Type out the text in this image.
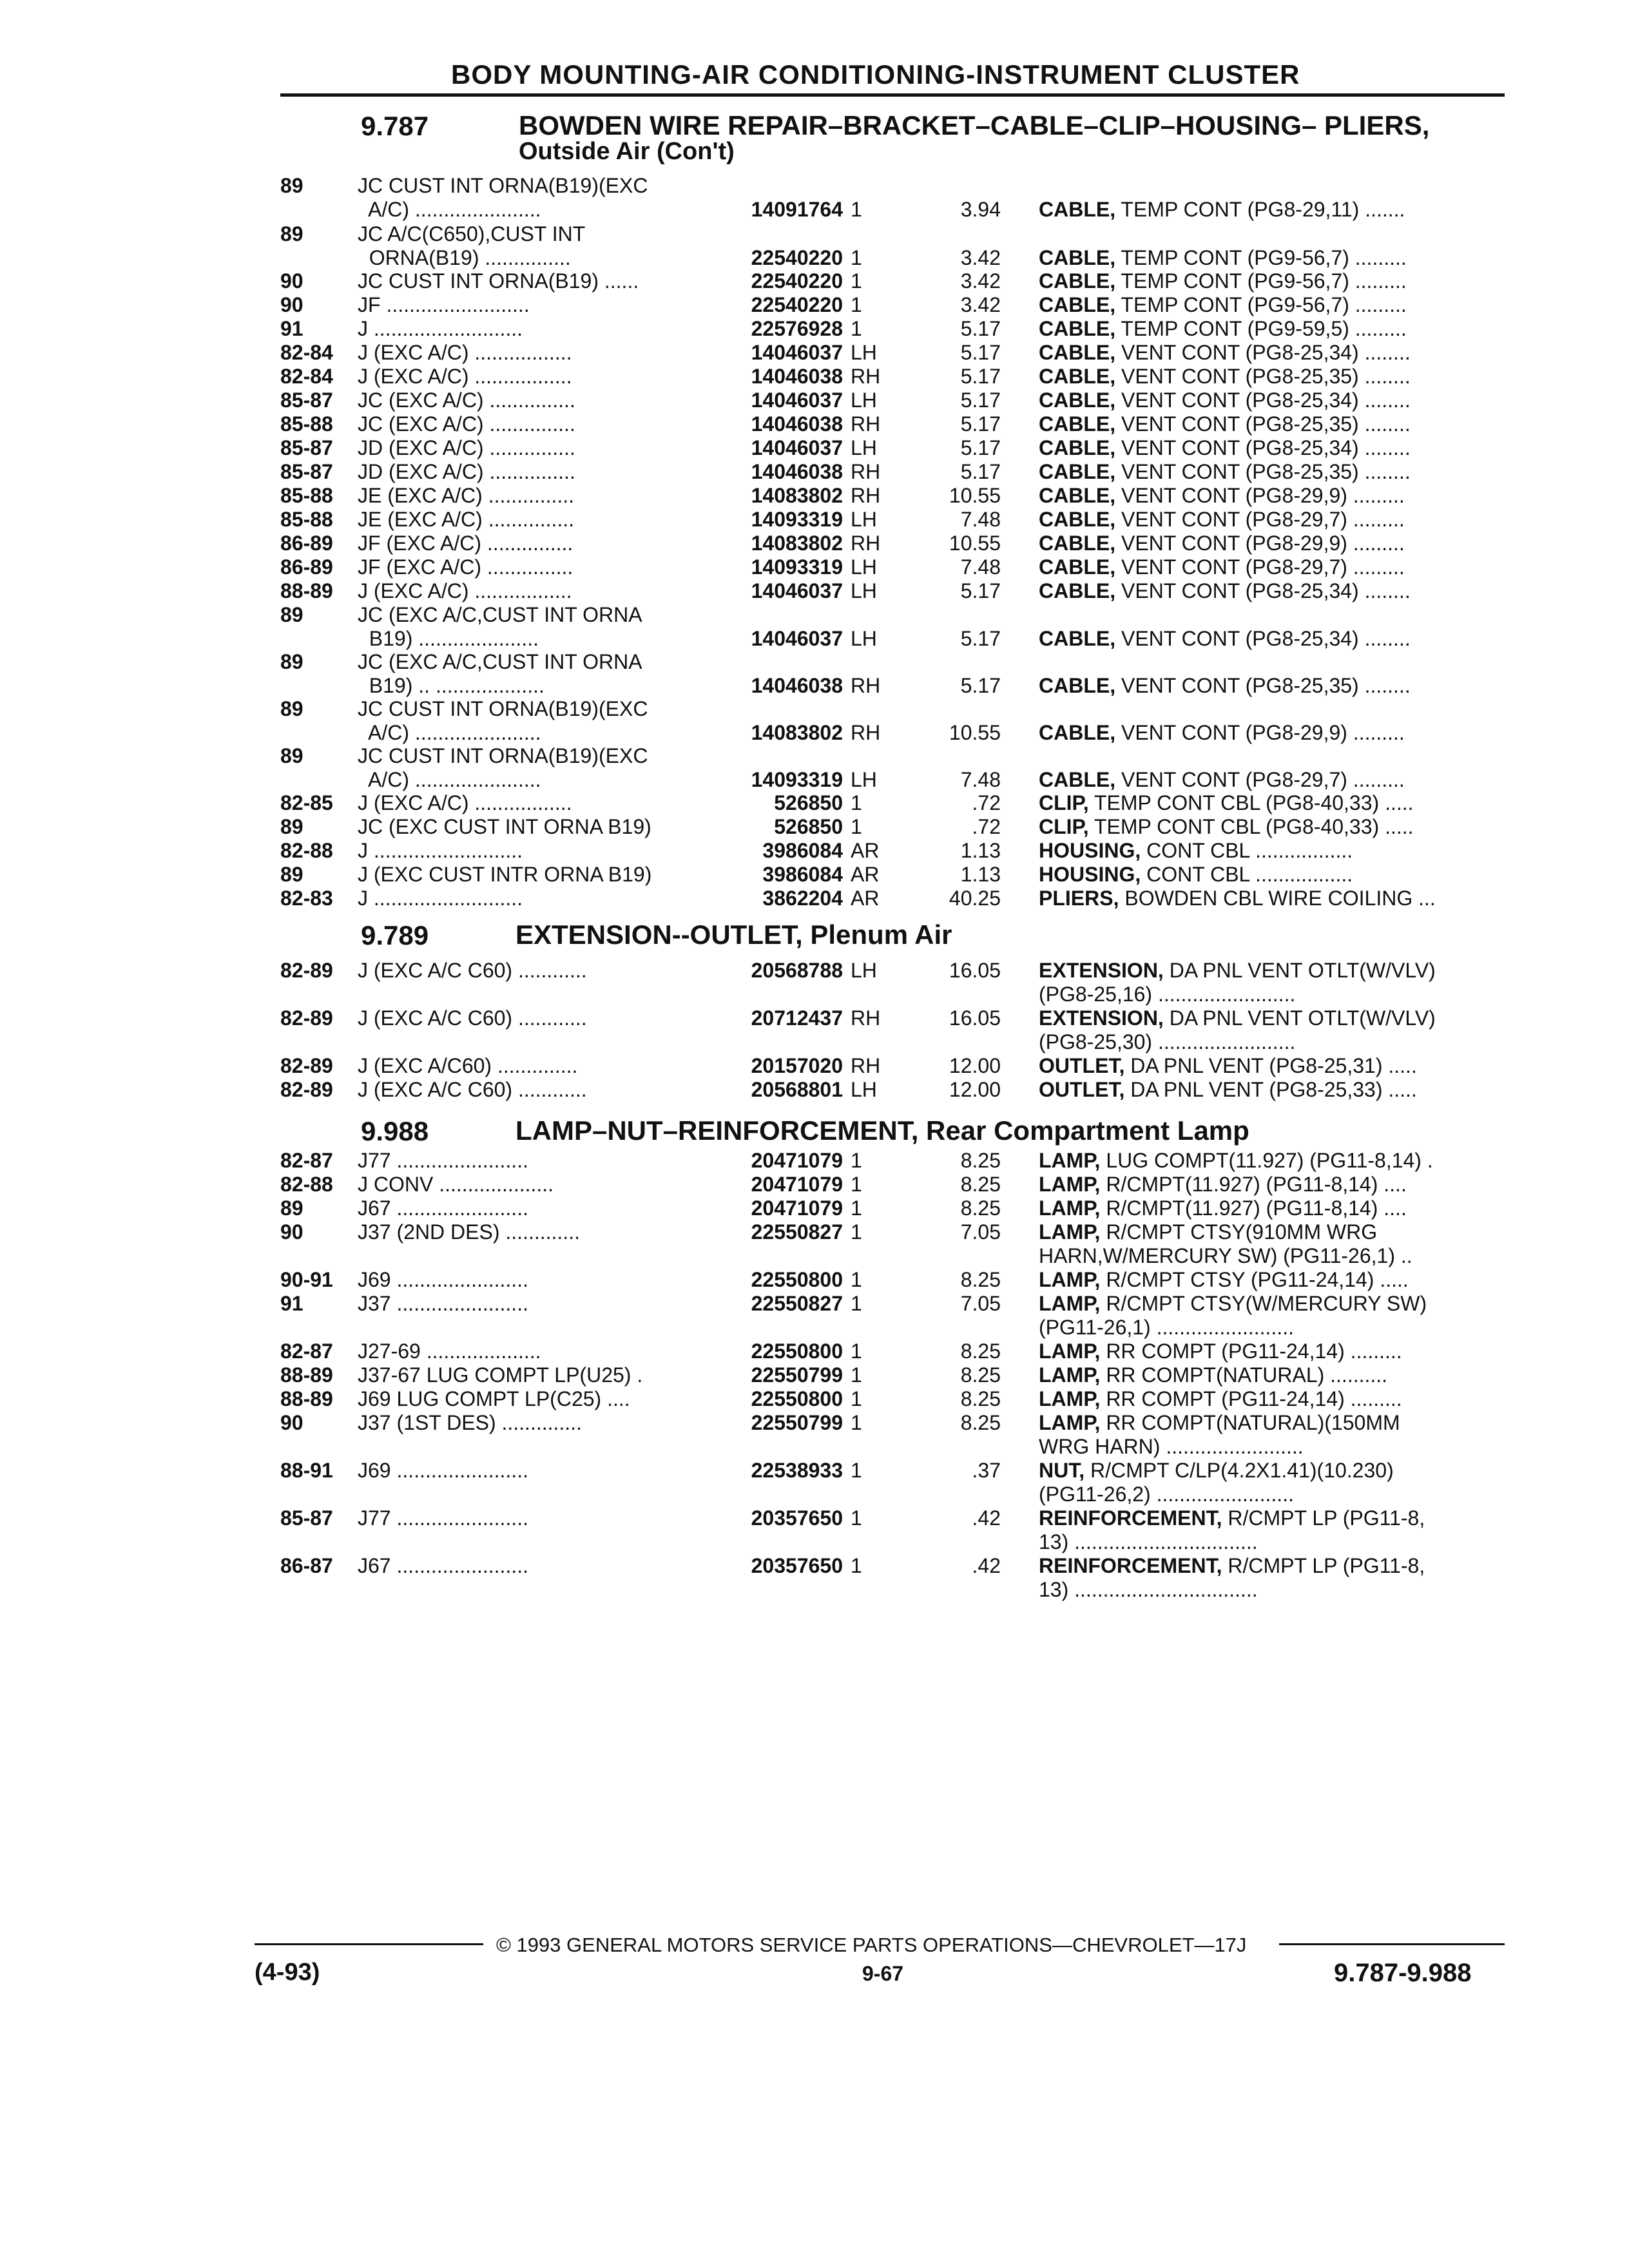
BODY MOUNTING-AIR CONDITIONING-INSTRUMENT CLUSTER
9.787	BOWDEN WIRE REPAIR–BRACKET–CABLE–CLIP–HOUSING– PLIERS,
Outside Air (Con't)
89	JC CUST INT ORNA(B19)(EXC
A/C) ......................	14091764 1	3.94 CABLE, TEMP CONT (PG8-29,11) .......
89	JC A/C(C650),CUST INT
ORNA(B19) ...............	22540220 1	3.42 CABLE, TEMP CONT (PG9-56,7) .........
90	JC CUST INT ORNA(B19) ......	22540220 1	3.42 CABLE, TEMP CONT (PG9-56,7) .........
90	JF .........................	22540220 1	3.42 CABLE, TEMP CONT (PG9-56,7) .........
91	J ..........................	22576928 1	5.17 CABLE, TEMP CONT (PG9-59,5) .........
82-84 J (EXC A/C) .................	14046037 LH	5.17 CABLE, VENT CONT (PG8-25,34) ........
82-84 J (EXC A/C) .................	14046038 RH	5.17 CABLE, VENT CONT (PG8-25,35) ........
85-87 JC (EXC A/C) ...............	14046037 LH	5.17 CABLE, VENT CONT (PG8-25,34) ........
85-88 JC (EXC A/C) ...............	14046038 RH	5.17 CABLE, VENT CONT (PG8-25,35) ........
85-87 JD (EXC A/C) ...............	14046037 LH	5.17 CABLE, VENT CONT (PG8-25,34) ........
85-87 JD (EXC A/C) ...............	14046038 RH	5.17 CABLE, VENT CONT (PG8-25,35) ........
85-88 JE (EXC A/C) ...............	14083802 RH	10.55 CABLE, VENT CONT (PG8-29,9) .........
85-88 JE (EXC A/C) ...............	14093319 LH	7.48 CABLE, VENT CONT (PG8-29,7) .........
86-89 JF (EXC A/C) ...............	14083802 RH	10.55 CABLE, VENT CONT (PG8-29,9) .........
86-89 JF (EXC A/C) ...............	14093319 LH	7.48 CABLE, VENT CONT (PG8-29,7) .........
88-89 J (EXC A/C) .................	14046037 LH	5.17 CABLE, VENT CONT (PG8-25,34) ........
89	JC (EXC A/C,CUST INT ORNA
B19) .....................	14046037 LH	5.17 CABLE, VENT CONT (PG8-25,34) ........
89	JC (EXC A/C,CUST INT ORNA
B19) .. ...................	14046038 RH	5.17 CABLE, VENT CONT (PG8-25,35) ........
89	JC CUST INT ORNA(B19)(EXC
A/C) ......................	14083802 RH	10.55 CABLE, VENT CONT (PG8-29,9) .........
89	JC CUST INT ORNA(B19)(EXC
A/C) ......................	14093319 LH	7.48 CABLE, VENT CONT (PG8-29,7) .........
82-85 J (EXC A/C) .................	526850 1	.72 CLIP, TEMP CONT CBL (PG8-40,33) .....
89	JC (EXC CUST INT ORNA B19)	526850 1	.72 CLIP, TEMP CONT CBL (PG8-40,33) .....
82-88 J ..........................	3986084 AR	1.13 HOUSING, CONT CBL .................
89	J (EXC CUST INTR ORNA B19)	3986084 AR	1.13 HOUSING, CONT CBL .................
82-83 J ..........................	3862204 AR	40.25 PLIERS, BOWDEN CBL WIRE COILING ...
9.789	EXTENSION--OUTLET, Plenum Air
82-89 J (EXC A/C C60) ............	20568788 LH	16.05 EXTENSION, DA PNL VENT OTLT(W/VLV)
(PG8-25,16) ........................
82-89 J (EXC A/C C60) ............	20712437 RH	16.05 EXTENSION, DA PNL VENT OTLT(W/VLV)
(PG8-25,30) ........................
82-89 J (EXC A/C60) ..............	20157020 RH	12.00 OUTLET, DA PNL VENT (PG8-25,31) .....
82-89 J (EXC A/C C60) ............	20568801 LH	12.00 OUTLET, DA PNL VENT (PG8-25,33) .....
9.988	LAMP–NUT–REINFORCEMENT, Rear Compartment Lamp
82-87 J77 .......................	20471079 1	8.25 LAMP, LUG COMPT(11.927) (PG11-8,14) .
82-88 J CONV ....................	20471079 1	8.25 LAMP, R/CMPT(11.927) (PG11-8,14) ....
89	J67 .......................	20471079 1	8.25 LAMP, R/CMPT(11.927) (PG11-8,14) ....
90	J37 (2ND DES) .............	22550827 1	7.05 LAMP, R/CMPT CTSY(910MM WRG
HARN,W/MERCURY SW) (PG11-26,1) ..
90-91 J69 .......................	22550800 1	8.25 LAMP, R/CMPT CTSY (PG11-24,14) .....
91	J37 .......................	22550827 1	7.05 LAMP, R/CMPT CTSY(W/MERCURY SW)
(PG11-26,1) ........................
82-87 J27-69 ....................	22550800 1	8.25 LAMP, RR COMPT (PG11-24,14) .........
88-89 J37-67 LUG COMPT LP(U25) .	22550799 1	8.25 LAMP, RR COMPT(NATURAL) ..........
88-89 J69 LUG COMPT LP(C25) ....	22550800 1	8.25 LAMP, RR COMPT (PG11-24,14) .........
90	J37 (1ST DES) ..............	22550799 1	8.25 LAMP, RR COMPT(NATURAL)(150MM
WRG HARN) ........................
88-91 J69 .......................	22538933 1	.37 NUT, R/CMPT C/LP(4.2X1.41)(10.230)
(PG11-26,2) ........................
85-87 J77 .......................	20357650 1	.42 REINFORCEMENT, R/CMPT LP (PG11-8,
13) ................................
86-87 J67 .......................	20357650 1	.42 REINFORCEMENT, R/CMPT LP (PG11-8,
13) ................................
© 1993 GENERAL MOTORS SERVICE PARTS OPERATIONS—CHEVROLET—17J
(4-93)	9-67	9.787-9.988
